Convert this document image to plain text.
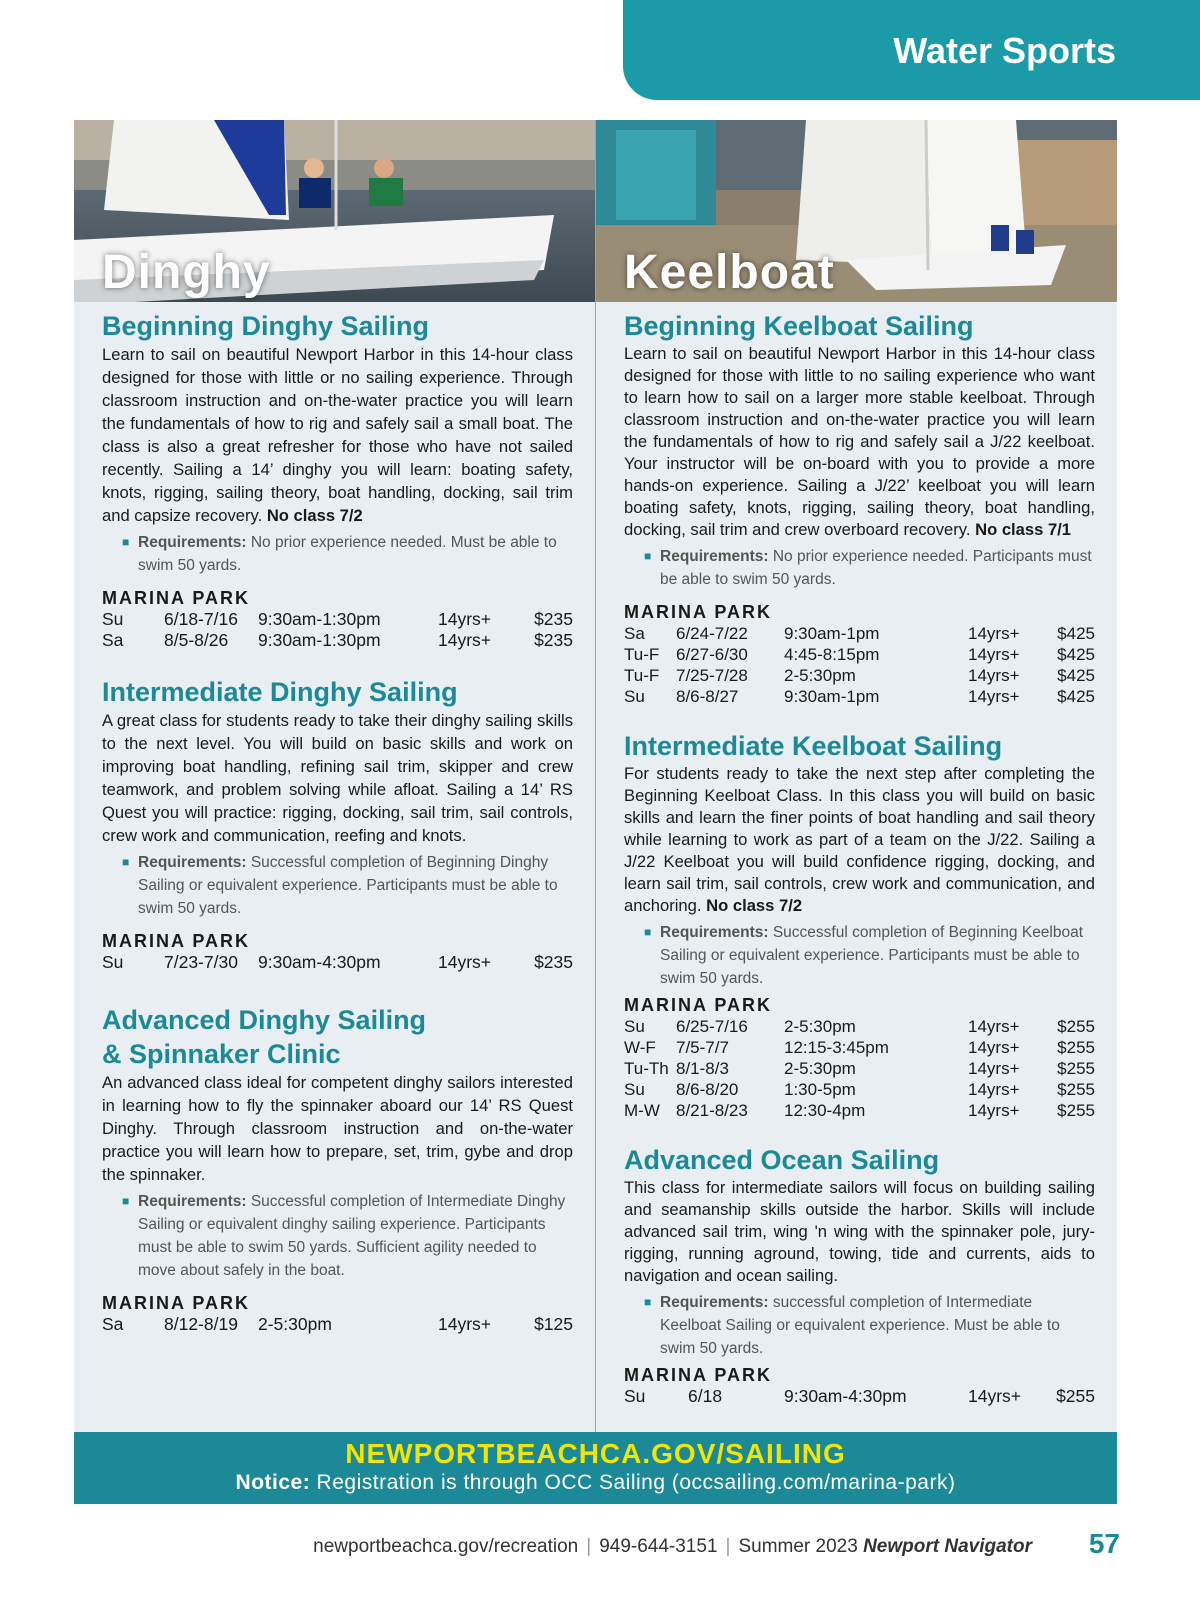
Water Sports
Dinghy
Beginning Dinghy Sailing

Learn to sail on beautiful Newport Harbor in this 14-hour class designed for those with little or no sailing experience. Through classroom instruction and on-the-water practice you will learn the fundamentals of how to rig and safely sail a small boat. The class is also a great refresher for those who have not sailed recently. Sailing a 14’ dinghy you will learn: boating safety, knots, rigging, sailing theory, boat handling, docking, sail trim and capsize recovery. No class 7/2

■ Requirements: No prior experience needed. Must be able to swim 50 yards.
MARINA PARK
Su	6/18-7/16	9:30am-1:30pm	14yrs+	$235
Sa	8/5-8/26	9:30am-1:30pm	14yrs+	$235
Intermediate Dinghy Sailing

A great class for students ready to take their dinghy sailing skills to the next level. You will build on basic skills and work on improving boat handling, refining sail trim, skipper and crew teamwork, and problem solving while afloat. Sailing a 14’ RS Quest you will practice: rigging, docking, sail trim, sail controls, crew work and communication, reefing and knots.

■ Requirements: Successful completion of Beginning Dinghy Sailing or equivalent experience. Participants must be able to swim 50 yards.
MARINA PARK
Su	7/23-7/30	9:30am-4:30pm	14yrs+	$235
Advanced Dinghy Sailing
& Spinnaker Clinic

An advanced class ideal for competent dinghy sailors interested in learning how to fly the spinnaker aboard our 14’ RS Quest Dinghy. Through classroom instruction and on-the-water practice you will learn how to prepare, set, trim, gybe and drop the spinnaker.

■ Requirements: Successful completion of Intermediate Dinghy Sailing or equivalent dinghy sailing experience. Participants must be able to swim 50 yards. Sufficient agility needed to move about safely in the boat.
MARINA PARK
Sa	8/12-8/19	2-5:30pm	14yrs+	$125
Keelboat
Beginning Keelboat Sailing

Learn to sail on beautiful Newport Harbor in this 14-hour class designed for those with little to no sailing experience who want to learn how to sail on a larger more stable keelboat. Through classroom instruction and on-the-water practice you will learn the fundamentals of how to rig and safely sail a J/22 keelboat. Your instructor will be on-board with you to provide a more hands-on experience. Sailing a J/22’ keelboat you will learn boating safety, knots, rigging, sailing theory, boat handling, docking, sail trim and crew overboard recovery. No class 7/1

■ Requirements: No prior experience needed. Participants must be able to swim 50 yards.
MARINA PARK
Sa	6/24-7/22	9:30am-1pm	14yrs+	$425
Tu-F	6/27-6/30	4:45-8:15pm	14yrs+	$425
Tu-F	7/25-7/28	2-5:30pm	14yrs+	$425
Su	8/6-8/27	9:30am-1pm	14yrs+	$425
Intermediate Keelboat Sailing

For students ready to take the next step after completing the Beginning Keelboat Class. In this class you will build on basic skills and learn the finer points of boat handling and sail theory while learning to work as part of a team on the J/22. Sailing a J/22 Keelboat you will build confidence rigging, docking, and learn sail trim, sail controls, crew work and communication, and anchoring. No class 7/2

■ Requirements: Successful completion of Beginning Keelboat Sailing or equivalent experience. Participants must be able to swim 50 yards.
MARINA PARK
Su	6/25-7/16	2-5:30pm	14yrs+	$255
W-F	7/5-7/7	12:15-3:45pm	14yrs+	$255
Tu-Th	8/1-8/3	2-5:30pm	14yrs+	$255
Su	8/6-8/20	1:30-5pm	14yrs+	$255
M-W	8/21-8/23	12:30-4pm	14yrs+	$255
Advanced Ocean Sailing

This class for intermediate sailors will focus on building sailing and seamanship skills outside the harbor. Skills will include advanced sail trim, wing 'n wing with the spinnaker pole, jury-rigging, running aground, towing, tide and currents, aids to navigation and ocean sailing.

■ Requirements: successful completion of Intermediate Keelboat Sailing or equivalent experience. Must be able to swim 50 yards.
MARINA PARK
Su	6/18	9:30am-4:30pm	14yrs+	$255
NEWPORTBEACHCA.GOV/SAILING
Notice: Registration is through OCC Sailing (occsailing.com/marina-park)
newportbeachca.gov/recreation | 949-644-3151 | Summer 2023 Newport Navigator 57
